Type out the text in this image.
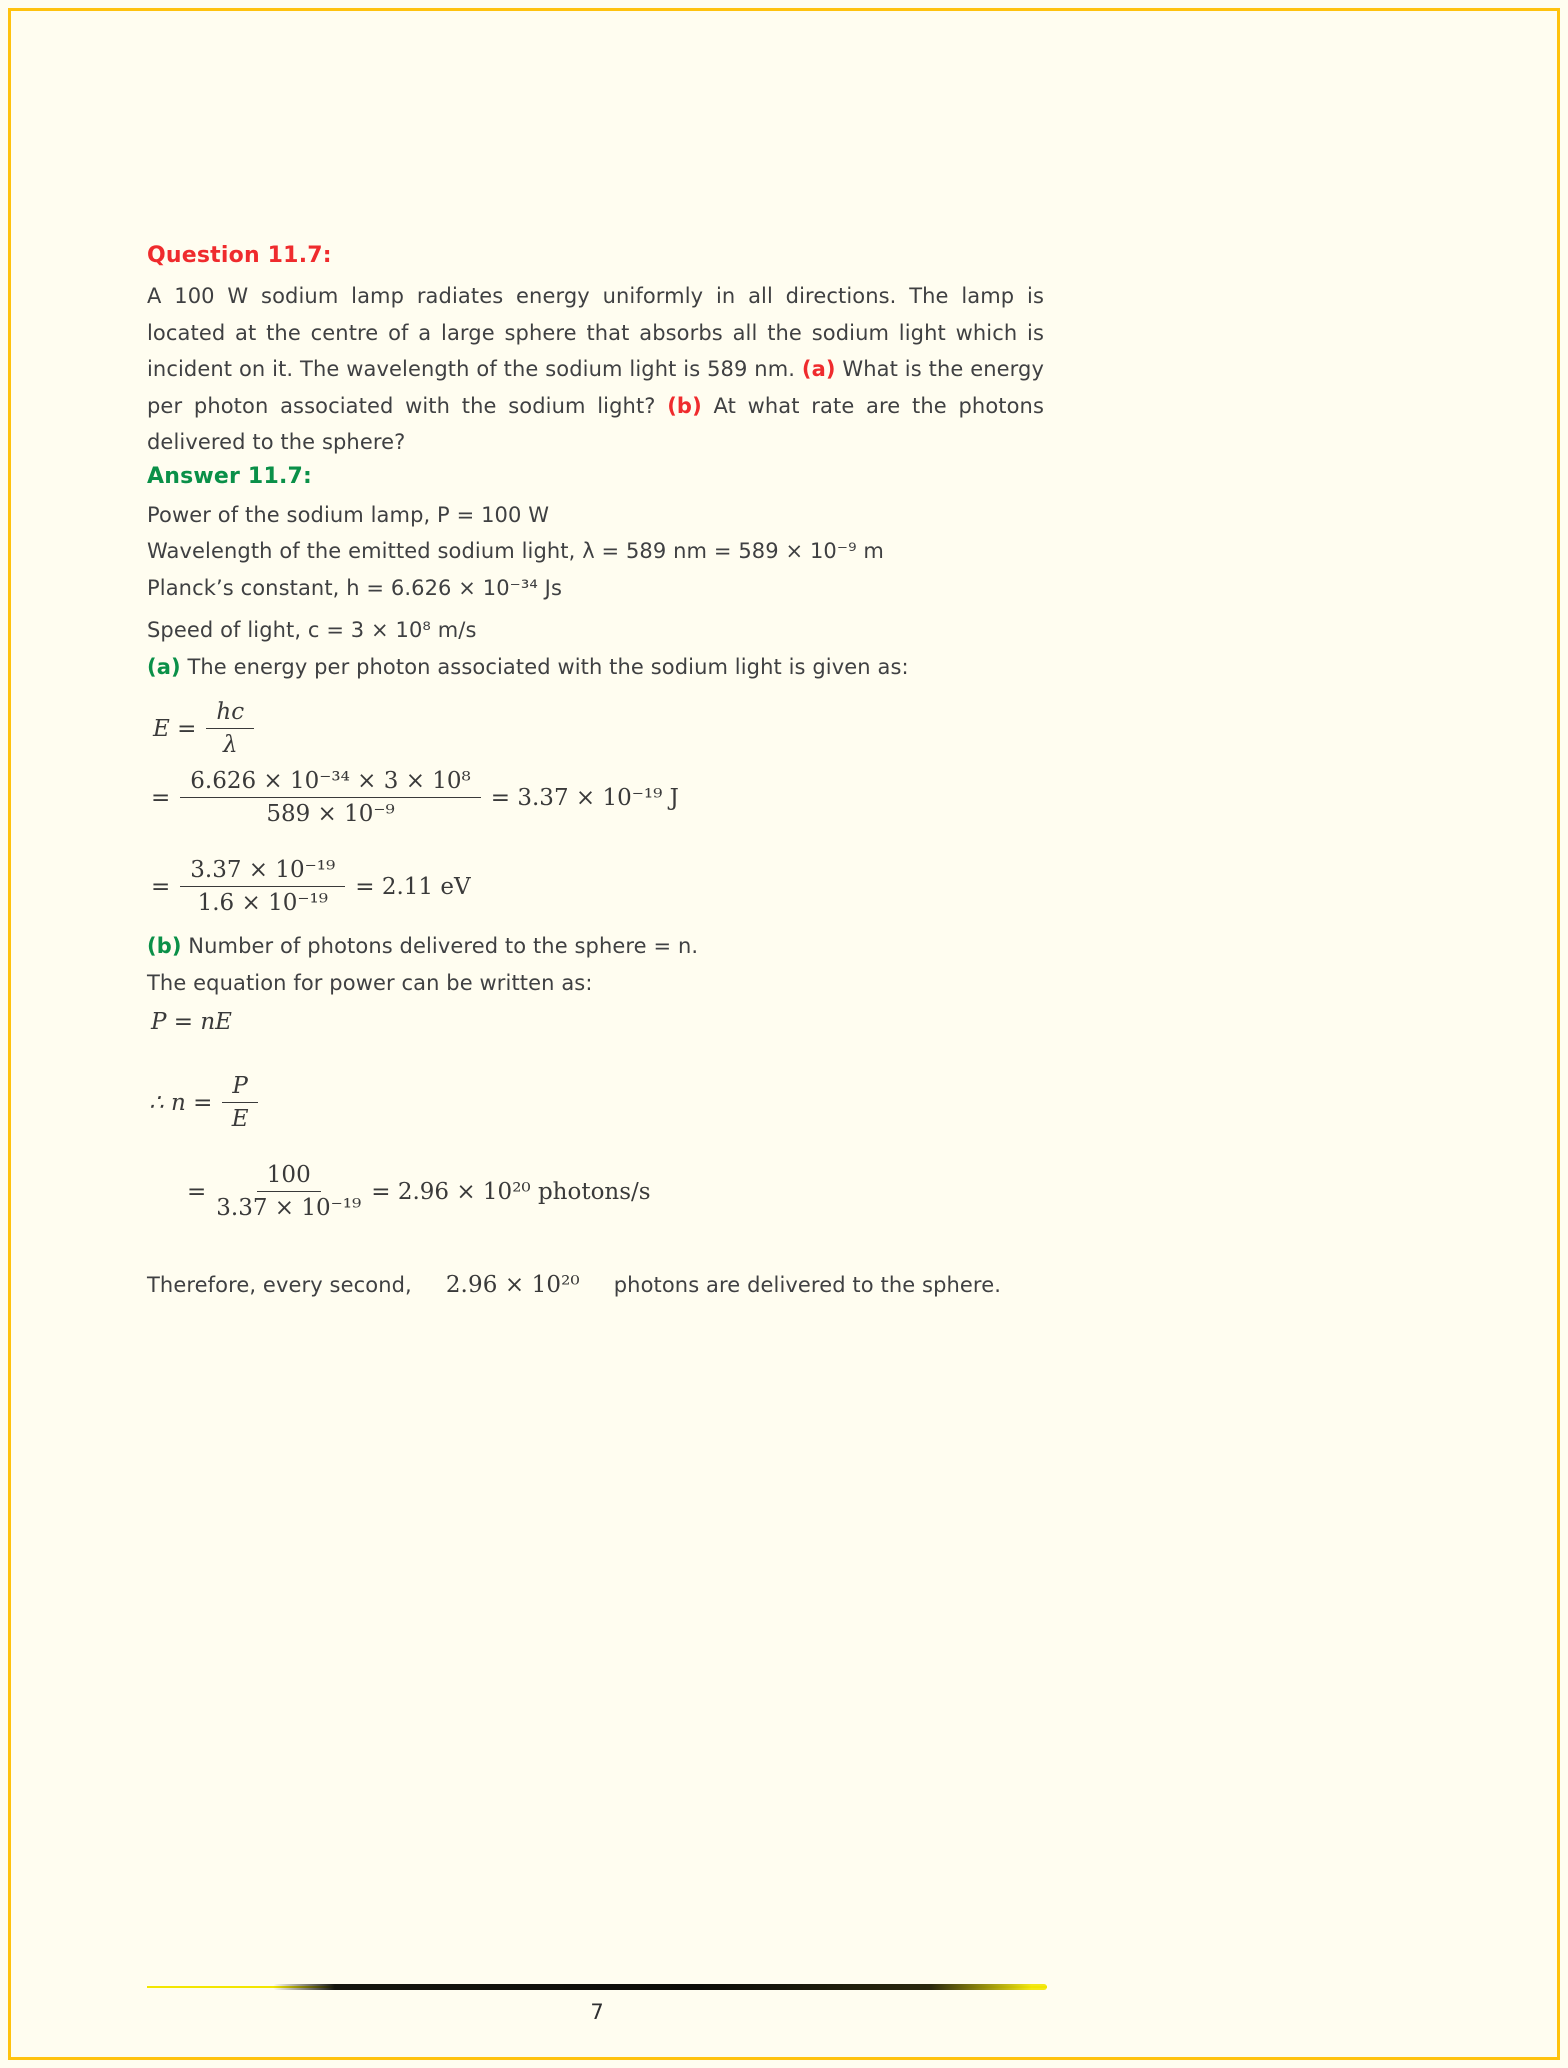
Question 11.7:

A 100 W sodium lamp radiates energy uniformly in all directions. The lamp is located at the centre of a large sphere that absorbs all the sodium light which is incident on it. The wavelength of the sodium light is 589 nm. (a) What is the energy per photon associated with the sodium light? (b) At what rate are the photons delivered to the sphere?

Answer 11.7:

Power of the sodium lamp, P = 100 W

Wavelength of the emitted sodium light, λ = 589 nm = 589 × 10⁻⁹ m

Planck’s constant, h = 6.626 × 10⁻³⁴ Js

Speed of light, c = 3 × 10⁸ m/s

(a) The energy per photon associated with the sodium light is given as:

$E = \frac{hc}{\lambda}$
= $\frac{\text{6.626 × 10⁻³⁴ × 3 × 10⁸}}{\text{589 × 10⁻⁹}} = 3.37 \times 10^{-19}$ J
= $\frac{\text{3.37 × 10⁻¹⁹}}{\text{1.6 × 10⁻¹⁹}} = 2.11$ eV

(b) Number of photons delivered to the sphere = n.

The equation for power can be written as:

P = nE
∴ $n = \frac{P}{E}$
= $\frac{100}{\text{3.37 × 10⁻¹⁹}} = 2.96 \times 10^{20}$ photons/s

Therefore, every second, 2.96 × 10²⁰ photons are delivered to the sphere.

7
